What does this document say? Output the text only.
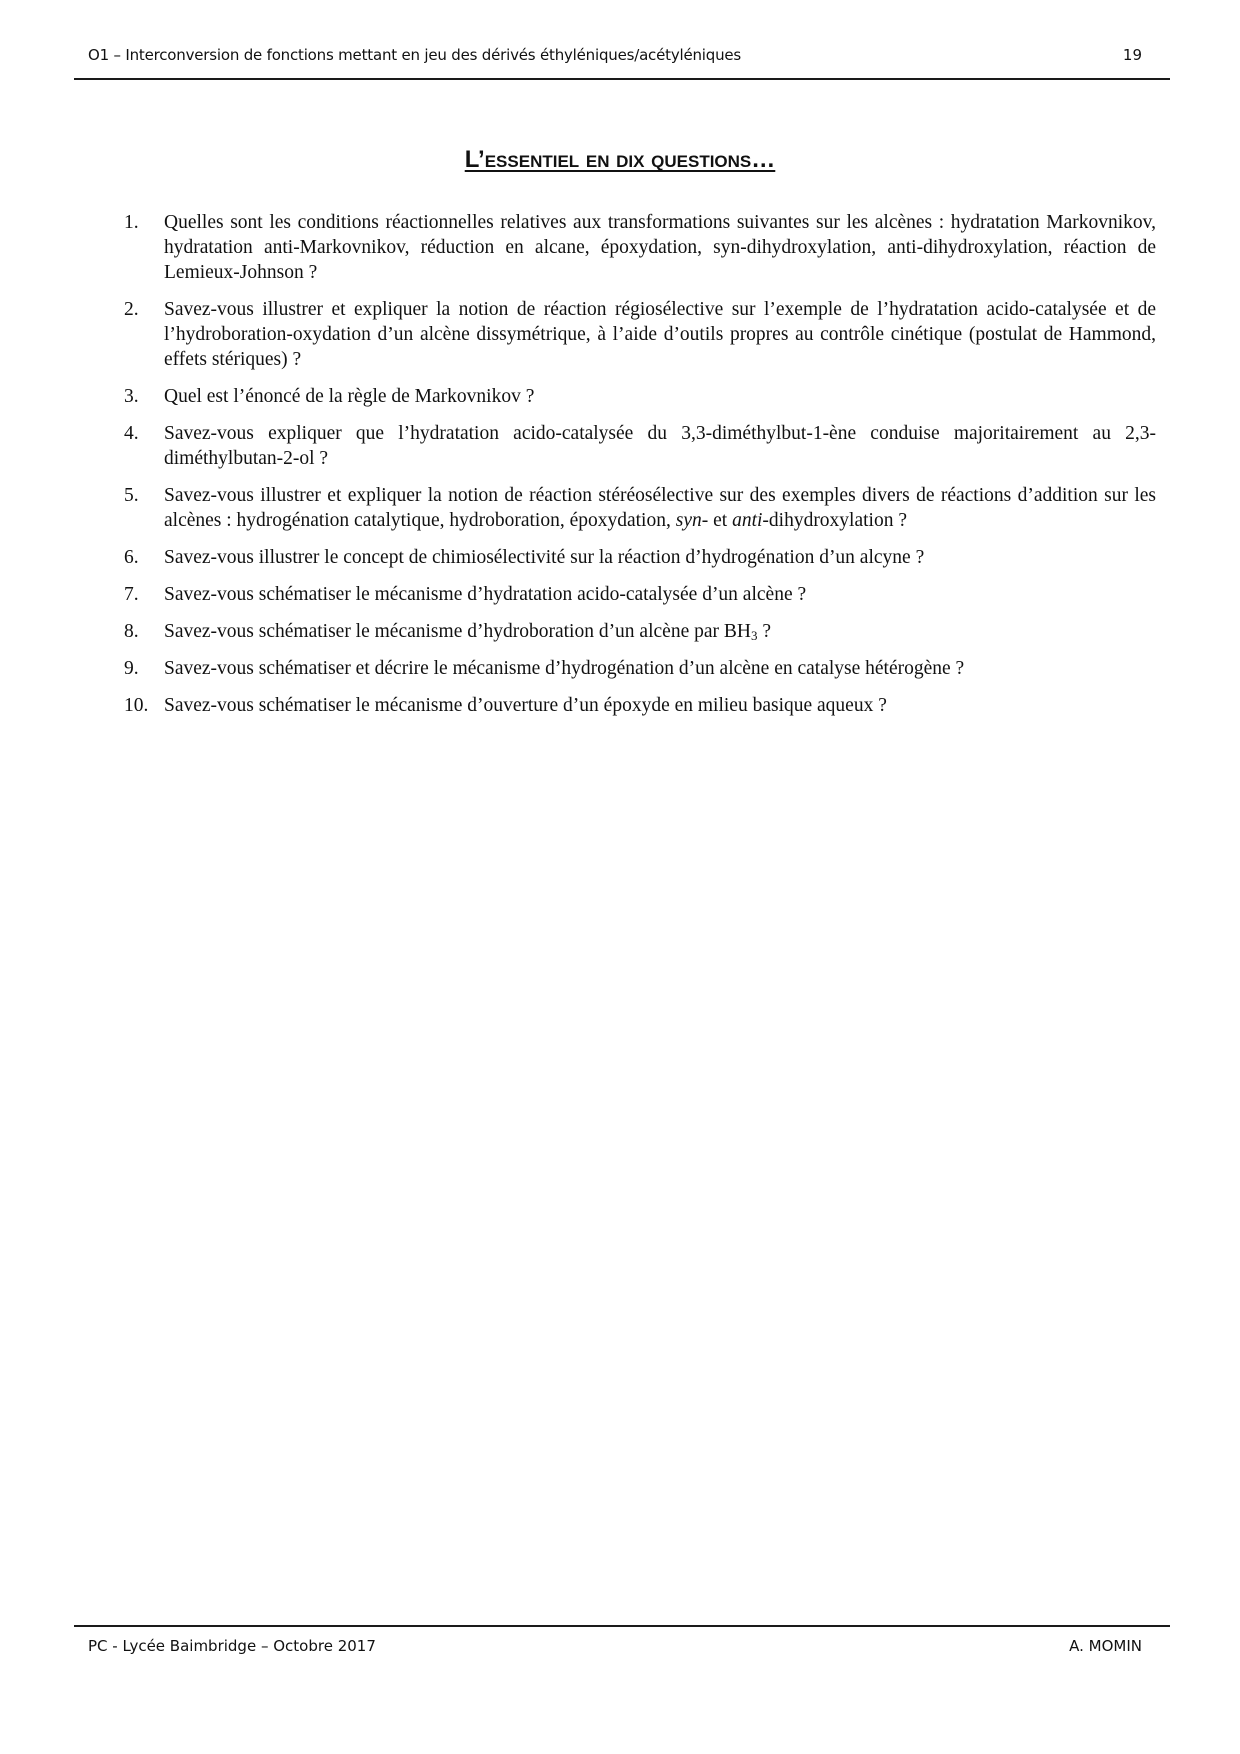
O1 – Interconversion de fonctions mettant en jeu des dérivés éthyléniques/acétyléniques	19
L’essentiel en dix questions…
1.	Quelles sont les conditions réactionnelles relatives aux transformations suivantes sur les alcènes : hydratation Markovnikov, hydratation anti-Markovnikov, réduction en alcane, époxydation, syn-dihydroxylation, anti-dihydroxylation, réaction de Lemieux-Johnson ?
2.	Savez-vous illustrer et expliquer la notion de réaction régiosélective sur l’exemple de l’hydratation acido-catalysée et de l’hydroboration-oxydation d’un alcène dissymétrique, à l’aide d’outils propres au contrôle cinétique (postulat de Hammond, effets stériques) ?
3.	Quel est l’énoncé de la règle de Markovnikov ?
4.	Savez-vous expliquer que l’hydratation acido-catalysée du 3,3-diméthylbut-1-ène conduise majoritairement au 2,3-diméthylbutan-2-ol ?
5.	Savez-vous illustrer et expliquer la notion de réaction stéréosélective sur des exemples divers de réactions d’addition sur les alcènes : hydrogénation catalytique, hydroboration, époxydation, syn- et anti-dihydroxylation ?
6.	Savez-vous illustrer le concept de chimiosélectivité sur la réaction d’hydrogénation d’un alcyne ?
7.	Savez-vous schématiser le mécanisme d’hydratation acido-catalysée d’un alcène ?
8.	Savez-vous schématiser le mécanisme d’hydroboration d’un alcène par $BH_3$ ?
9.	Savez-vous schématiser et décrire le mécanisme d’hydrogénation d’un alcène en catalyse hétérogène ?
10. Savez-vous schématiser le mécanisme d’ouverture d’un époxyde en milieu basique aqueux ?
PC - Lycée Baimbridge – Octobre 2017	A. MOMIN
